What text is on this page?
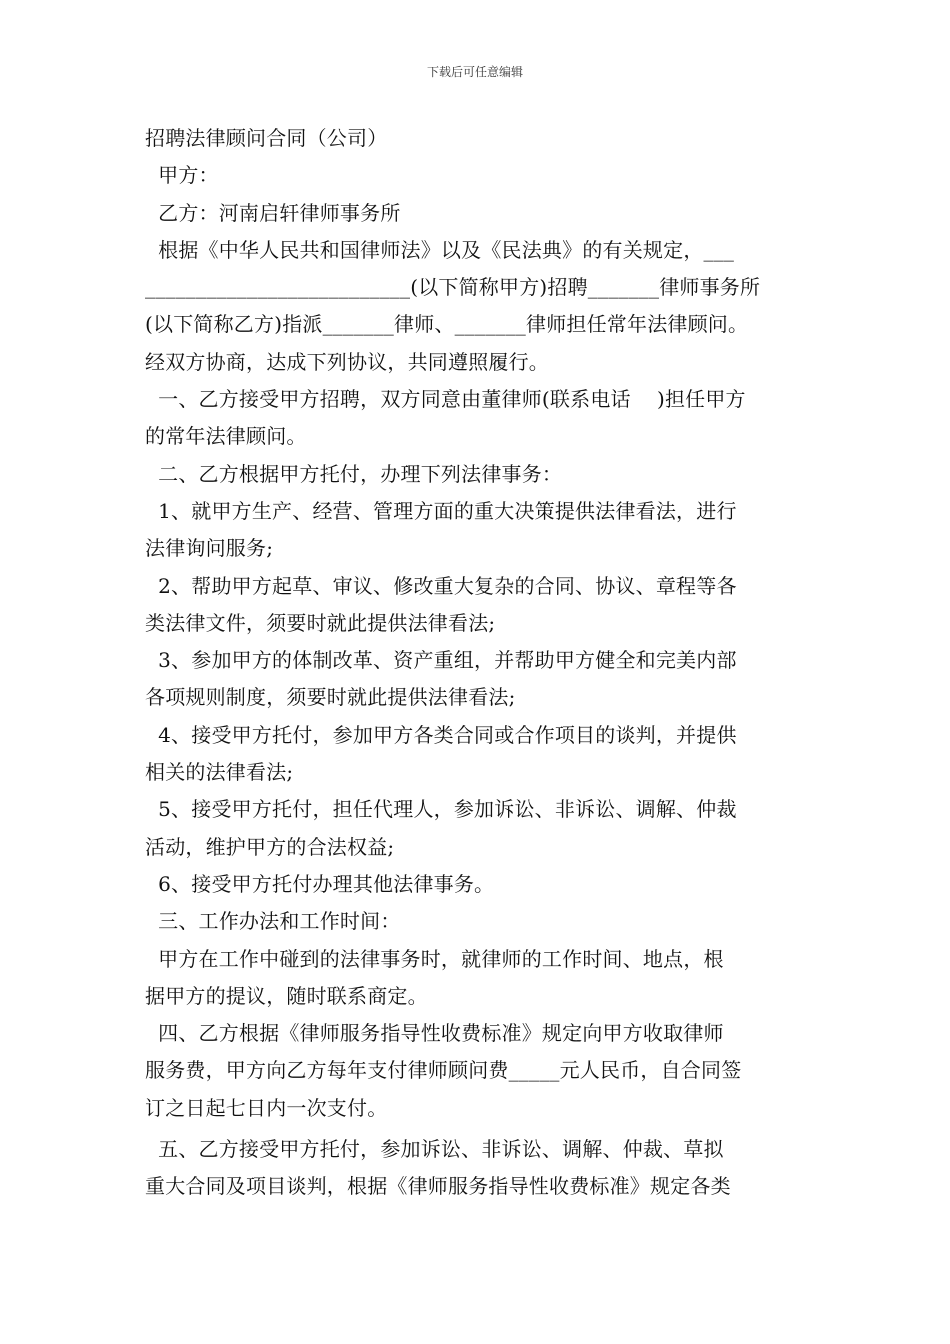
下载后可任意编辑
招聘法律顾问合同（公司）
甲方：
乙方：河南启轩律师事务所
根据《中华人民共和国律师法》以及《民法典》的有关规定，___
__________________________(以下简称甲方)招聘_______律师事务所
(以下简称乙方)指派_______律师、_______律师担任常年法律顾问。
经双方协商，达成下列协议，共同遵照履行。
一、乙方接受甲方招聘，双方同意由董律师(联系电话    )担任甲方
的常年法律顾问。
二、乙方根据甲方托付，办理下列法律事务：
1、就甲方生产、经营、管理方面的重大决策提供法律看法，进行
法律询问服务;
2、帮助甲方起草、审议、修改重大复杂的合同、协议、章程等各
类法律文件，须要时就此提供法律看法;
3、参加甲方的体制改革、资产重组，并帮助甲方健全和完美内部
各项规则制度，须要时就此提供法律看法;
4、接受甲方托付，参加甲方各类合同或合作项目的谈判，并提供
相关的法律看法;
5、接受甲方托付，担任代理人，参加诉讼、非诉讼、调解、仲裁
活动，维护甲方的合法权益;
6、接受甲方托付办理其他法律事务。
三、工作办法和工作时间：
甲方在工作中碰到的法律事务时，就律师的工作时间、地点，根
据甲方的提议，随时联系商定。
四、乙方根据《律师服务指导性收费标准》规定向甲方收取律师
服务费，甲方向乙方每年支付律师顾问费_____元人民币，自合同签
订之日起七日内一次支付。
五、乙方接受甲方托付，参加诉讼、非诉讼、调解、仲裁、草拟
重大合同及项目谈判，根据《律师服务指导性收费标准》规定各类
